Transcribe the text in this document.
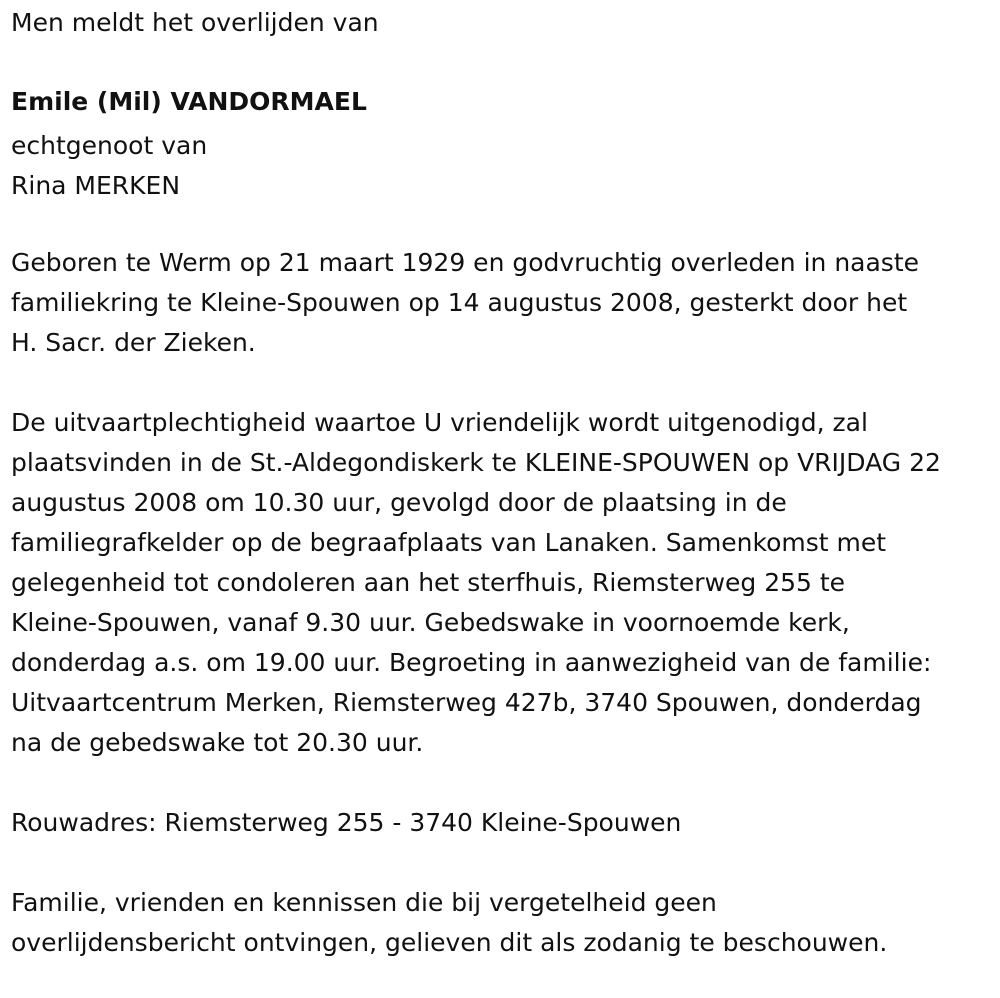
Men meldt het overlijden van
Emile (Mil) VANDORMAEL
echtgenoot van
Rina MERKEN
Geboren te Werm op 21 maart 1929 en godvruchtig overleden in naaste
familiekring te Kleine-Spouwen op 14 augustus 2008, gesterkt door het
H. Sacr. der Zieken.
De uitvaartplechtigheid waartoe U vriendelijk wordt uitgenodigd, zal
plaatsvinden in de St.-Aldegondiskerk te KLEINE-SPOUWEN op VRIJDAG 22
augustus 2008 om 10.30 uur, gevolgd door de plaatsing in de
familiegrafkelder op de begraafplaats van Lanaken. Samenkomst met
gelegenheid tot condoleren aan het sterfhuis, Riemsterweg 255 te
Kleine-Spouwen, vanaf 9.30 uur. Gebedswake in voornoemde kerk,
donderdag a.s. om 19.00 uur. Begroeting in aanwezigheid van de familie:
Uitvaartcentrum Merken, Riemsterweg 427b, 3740 Spouwen, donderdag
na de gebedswake tot 20.30 uur.
Rouwadres: Riemsterweg 255 - 3740 Kleine-Spouwen
Familie, vrienden en kennissen die bij vergetelheid geen
overlijdensbericht ontvingen, gelieven dit als zodanig te beschouwen.
